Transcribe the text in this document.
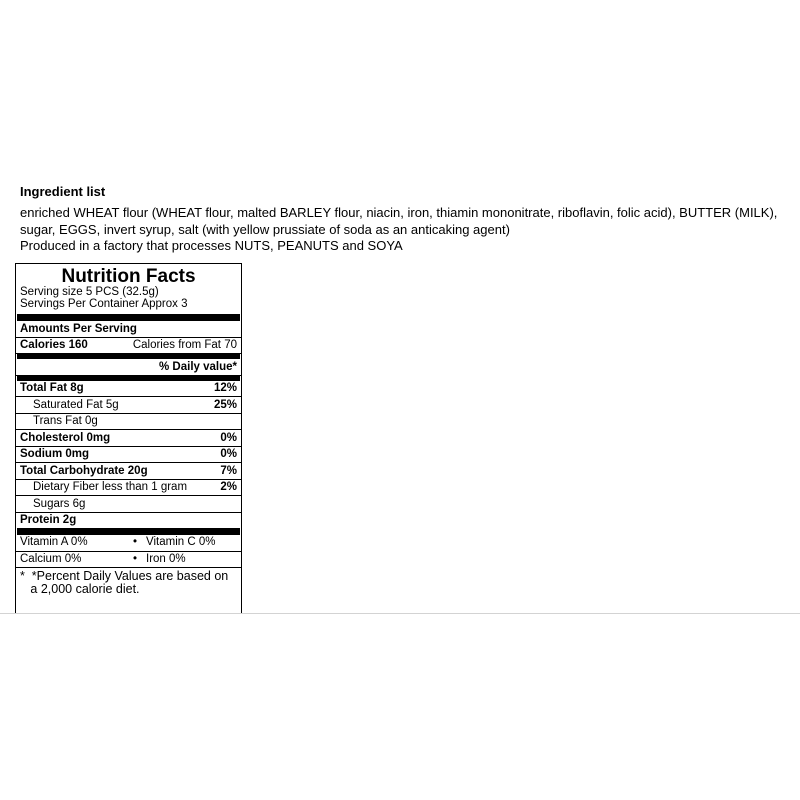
Ingredient list
enriched WHEAT flour (WHEAT flour, malted BARLEY flour, niacin, iron, thiamin mononitrate, riboflavin, folic acid), BUTTER (MILK),
sugar, EGGS, invert syrup, salt (with yellow prussiate of soda as an anticaking agent)
Produced in a factory that processes NUTS, PEANUTS and SOYA
Nutrition Facts
Serving size 5 PCS (32.5g)
Servings Per Container Approx 3
Amounts Per Serving
Calories 160	Calories from Fat 70
% Daily value*
Total Fat 8g	12%
Saturated Fat 5g	25%
Trans Fat 0g
Cholesterol 0mg	0%
Sodium 0mg	0%
Total Carbohydrate 20g	7%
Dietary Fiber less than 1 gram	2%
Sugars 6g
Protein 2g
Vitamin A 0%	• Vitamin C 0%
Calcium 0%	• Iron 0%
*  *Percent Daily Values are based on
a 2,000 calorie diet.
